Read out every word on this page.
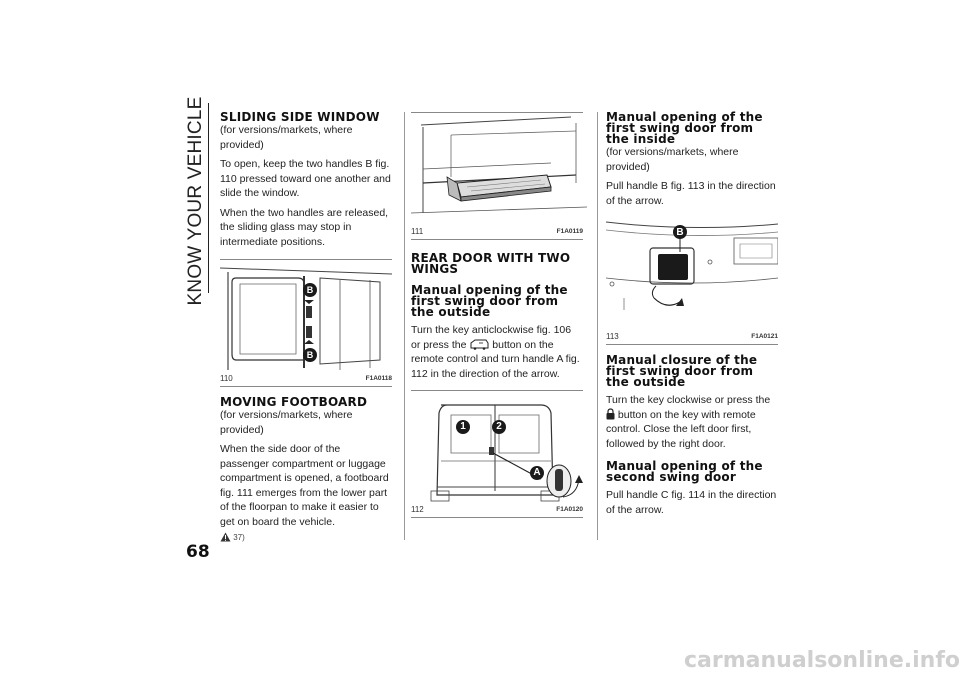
KNOW YOUR VEHICLE SLIDING SIDE WINDOW

(for versions/markets, where provided)

To open, keep the two handles B fig. 110 pressed toward one another and slide the window.

When the two handles are released, the sliding glass may stop in intermediate positions.

B
B
110	F1A0118
MOVING FOOTBOARD

(for versions/markets, where provided)

When the side door of the passenger compartment or luggage compartment is opened, a footboard fig. 111 emerges from the lower part of the floorpan to make it easier to get on board the vehicle.

37)
111	F1A0119
REAR DOOR WITH TWO WINGS
Manual opening of the first swing door from the outside

Turn the key anticlockwise fig. 106 or press the button on the remote control and turn handle A fig. 112 in the direction of the arrow.

1	2
A
112	F1A0120
Manual opening of the first swing door from the inside

(for versions/markets, where provided)

Pull handle B fig. 113 in the direction of the arrow.

B
113	F1A0121
Manual closure of the first swing door from the outside

Turn the key clockwise or press the  button on the key with remote control. Close the left door first, followed by the right door.

Manual opening of the second swing door

Pull handle C fig. 114 in the direction of the arrow.

68
carmanualsonline.info
